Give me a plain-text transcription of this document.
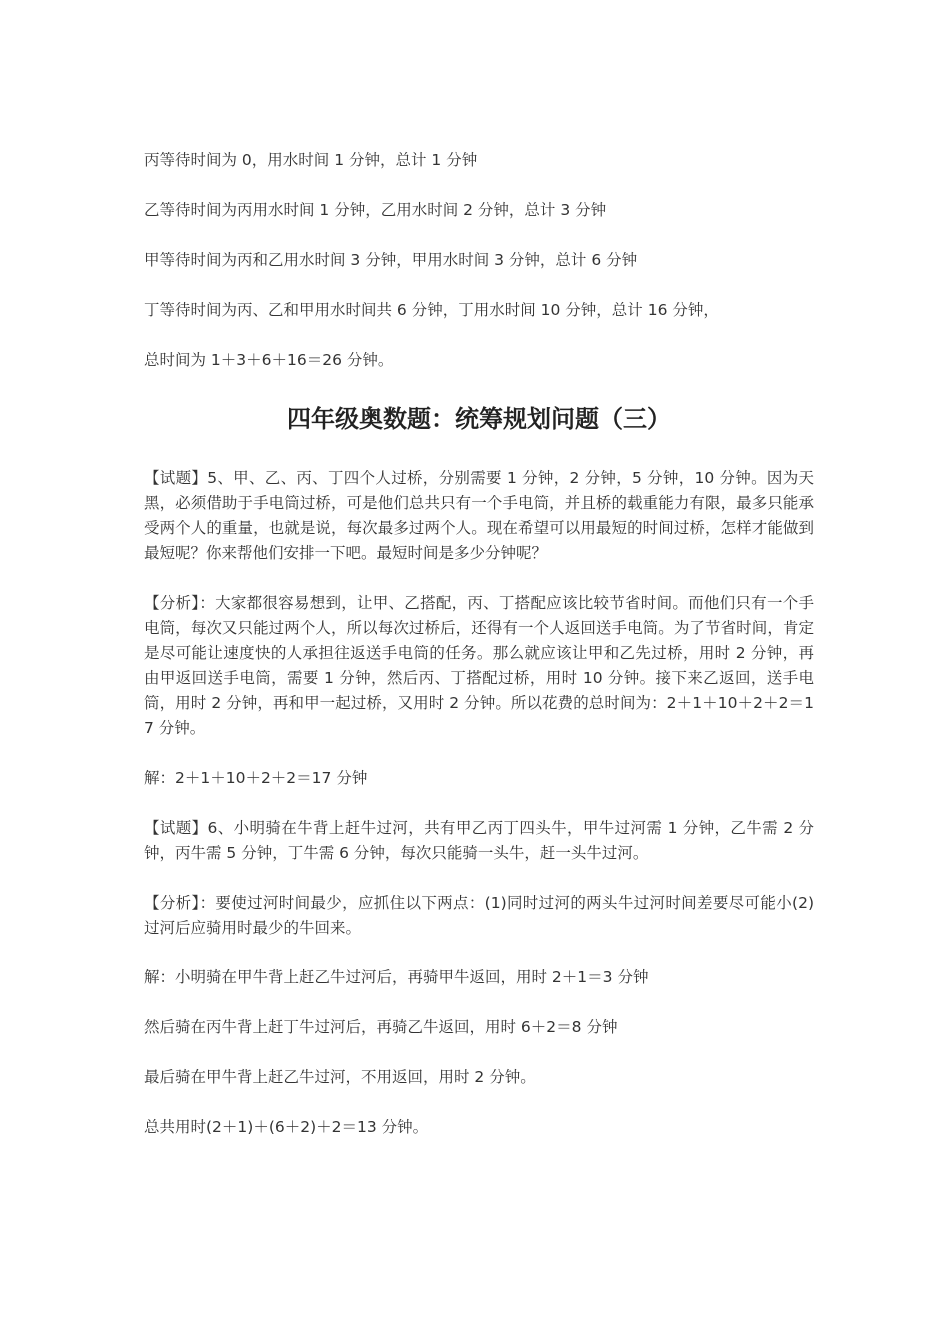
丙等待时间为 0，用水时间 1 分钟，总计 1 分钟

乙等待时间为丙用水时间 1 分钟，乙用水时间 2 分钟，总计 3 分钟

甲等待时间为丙和乙用水时间 3 分钟，甲用水时间 3 分钟，总计 6 分钟

丁等待时间为丙、乙和甲用水时间共 6 分钟，丁用水时间 10 分钟，总计 16 分钟，

总时间为 1＋3＋6＋16＝26 分钟。

四年级奥数题：统筹规划问题（三）

【试题】5、甲、乙、丙、丁四个人过桥，分别需要 1 分钟，2 分钟，5 分钟，10 分钟。因为天黑，必须借助于手电筒过桥，可是他们总共只有一个手电筒，并且桥的载重能力有限，最多只能承受两个人的重量，也就是说，每次最多过两个人。现在希望可以用最短的时间过桥，怎样才能做到最短呢？你来帮他们安排一下吧。最短时间是多少分钟呢？

【分析】：大家都很容易想到，让甲、乙搭配，丙、丁搭配应该比较节省时间。而他们只有一个手电筒，每次又只能过两个人，所以每次过桥后，还得有一个人返回送手电筒。为了节省时间，肯定是尽可能让速度快的人承担往返送手电筒的任务。那么就应该让甲和乙先过桥，用时 2 分钟，再由甲返回送手电筒，需要 1 分钟，然后丙、丁搭配过桥，用时 10 分钟。接下来乙返回，送手电筒，用时 2 分钟，再和甲一起过桥，又用时 2 分钟。所以花费的总时间为：2＋1＋10＋2＋2＝17 分钟。

解：2＋1＋10＋2＋2＝17 分钟

【试题】6、小明骑在牛背上赶牛过河，共有甲乙丙丁四头牛，甲牛过河需 1 分钟，乙牛需 2 分钟，丙牛需 5 分钟，丁牛需 6 分钟，每次只能骑一头牛，赶一头牛过河。

【分析】：要使过河时间最少，应抓住以下两点：(1)同时过河的两头牛过河时间差要尽可能小(2)过河后应骑用时最少的牛回来。

解：小明骑在甲牛背上赶乙牛过河后，再骑甲牛返回，用时 2＋1＝3 分钟

然后骑在丙牛背上赶丁牛过河后，再骑乙牛返回，用时 6＋2＝8 分钟

最后骑在甲牛背上赶乙牛过河，不用返回，用时 2 分钟。

总共用时(2＋1)＋(6＋2)＋2＝13 分钟。
